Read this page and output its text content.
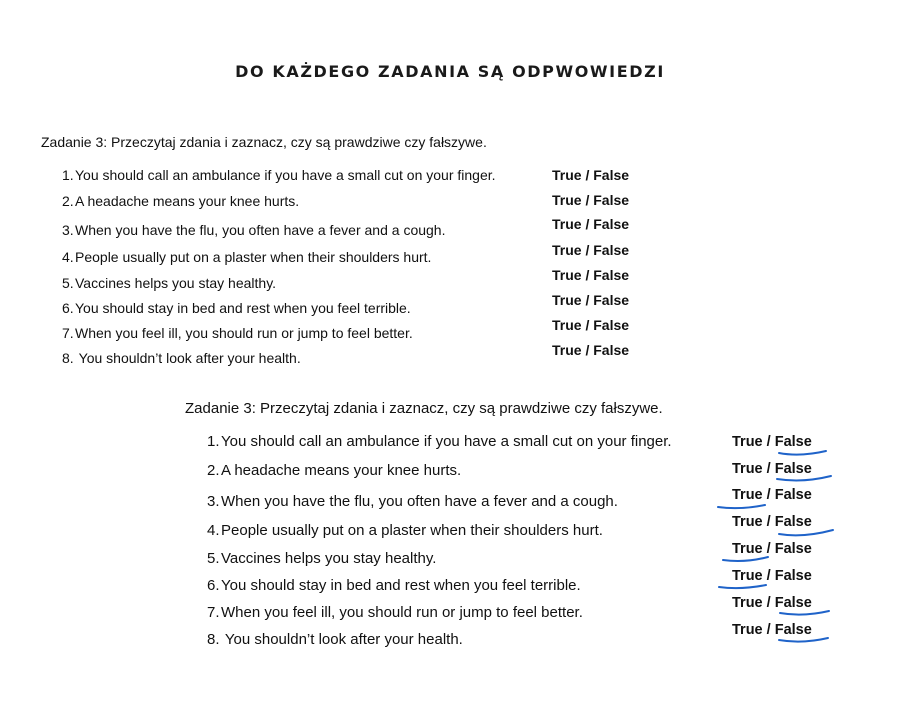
DO KAŻDEGO ZADANIA SĄ ODPWOWIEDZI
Zadanie 3: Przeczytaj zdania i zaznacz, czy są prawdziwe czy fałszywe.
1.You should call an ambulance if you have a small cut on your finger.
2.A headache means your knee hurts.
3.When you have the flu, you often have a fever and a cough.
4.People usually put on a plaster when their shoulders hurt.
5.Vaccines helps you stay healthy.
6.You should stay in bed and rest when you feel terrible.
7.When you feel ill, you should run or jump to feel better.
8. You shouldn’t look after your health.
True / False
True / False
True / False
True / False
True / False
True / False
True / False
True / False
Zadanie 3: Przeczytaj zdania i zaznacz, czy są prawdziwe czy fałszywe.
1.You should call an ambulance if you have a small cut on your finger.
2.A headache means your knee hurts.
3.When you have the flu, you often have a fever and a cough.
4.People usually put on a plaster when their shoulders hurt.
5.Vaccines helps you stay healthy.
6.You should stay in bed and rest when you feel terrible.
7.When you feel ill, you should run or jump to feel better.
8. You shouldn’t look after your health.
True / False
True / False
True / False
True / False
True / False
True / False
True / False
True / False
